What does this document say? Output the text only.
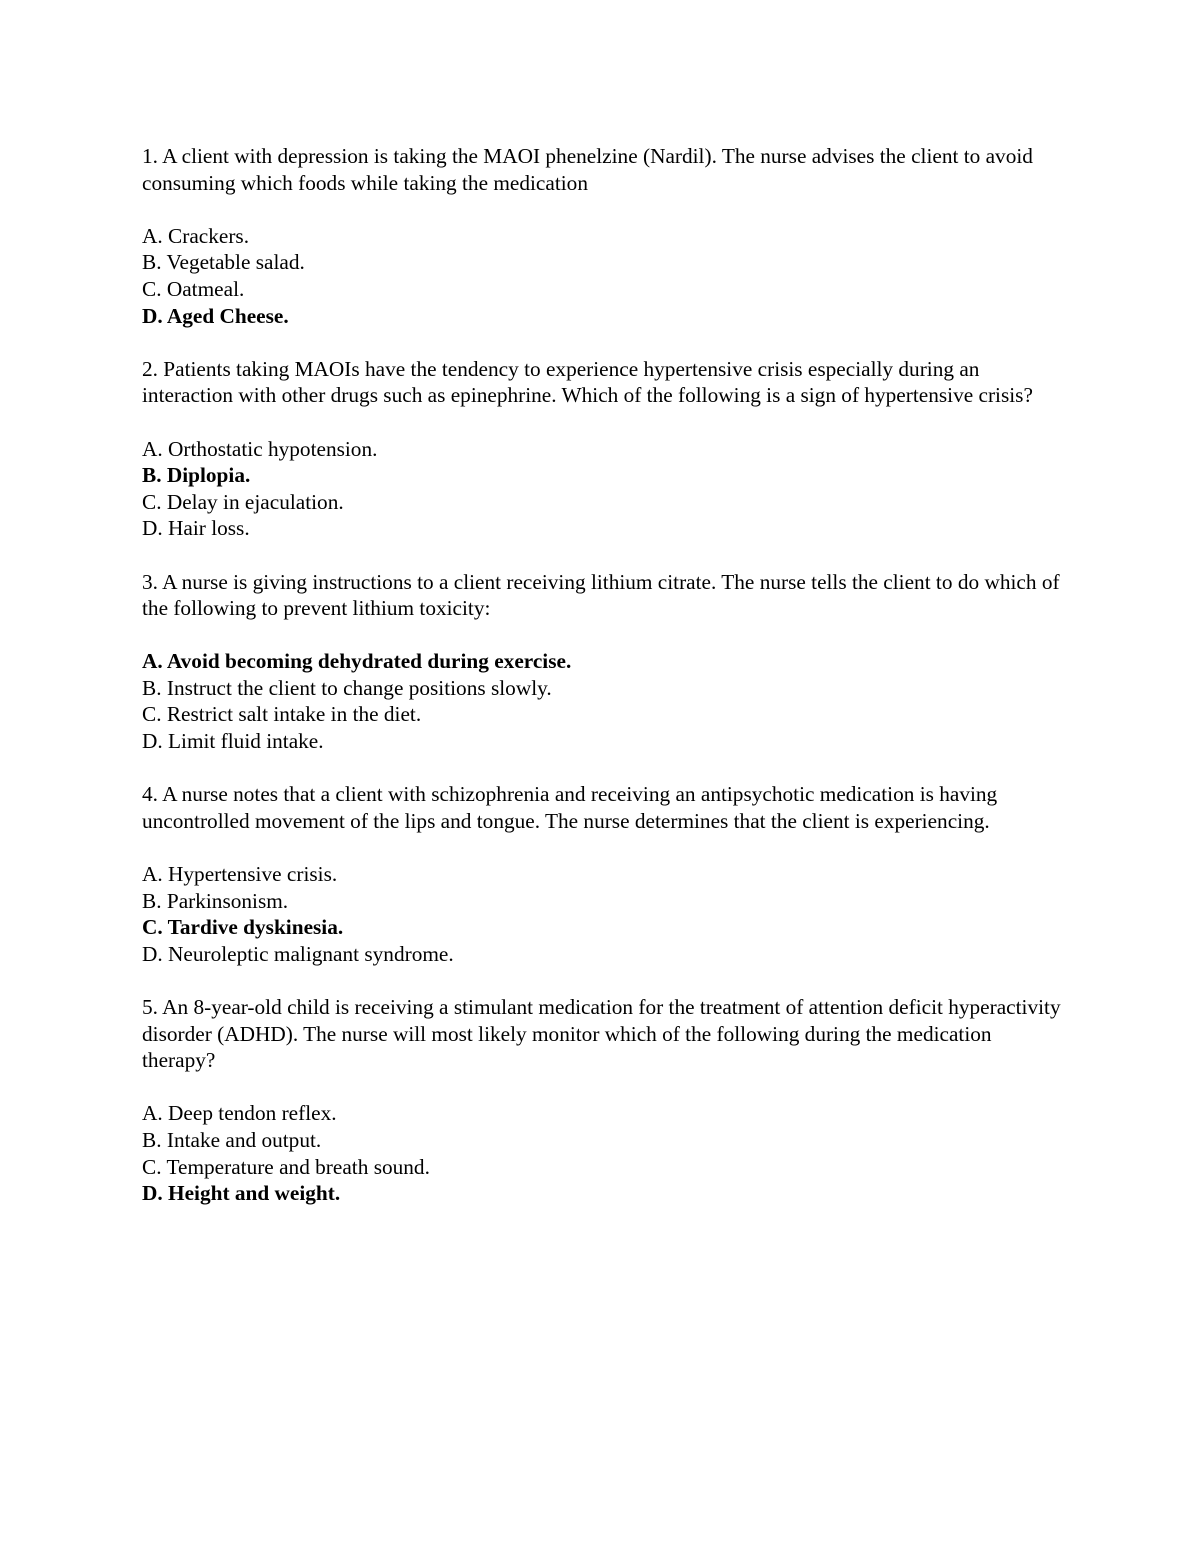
1. A client with depression is taking the MAOI phenelzine (Nardil). The nurse advises the client to avoid consuming which foods while taking the medication

A. Crackers.
B. Vegetable salad.
C. Oatmeal.
D. Aged Cheese.

2. Patients taking MAOIs have the tendency to experience hypertensive crisis especially during an interaction with other drugs such as epinephrine. Which of the following is a sign of hypertensive crisis?

A. Orthostatic hypotension.
B. Diplopia.
C. Delay in ejaculation.
D. Hair loss.

3. A nurse is giving instructions to a client receiving lithium citrate. The nurse tells the client to do which of the following to prevent lithium toxicity:

A. Avoid becoming dehydrated during exercise.
B. Instruct the client to change positions slowly.
C. Restrict salt intake in the diet.
D. Limit fluid intake.

4. A nurse notes that a client with schizophrenia and receiving an antipsychotic medication is having uncontrolled movement of the lips and tongue. The nurse determines that the client is experiencing.

A. Hypertensive crisis.
B. Parkinsonism.
C. Tardive dyskinesia.
D. Neuroleptic malignant syndrome.

5. An 8-year-old child is receiving a stimulant medication for the treatment of attention deficit hyperactivity disorder (ADHD). The nurse will most likely monitor which of the following during the medication therapy?

A. Deep tendon reflex.
B. Intake and output.
C. Temperature and breath sound.
D. Height and weight.
